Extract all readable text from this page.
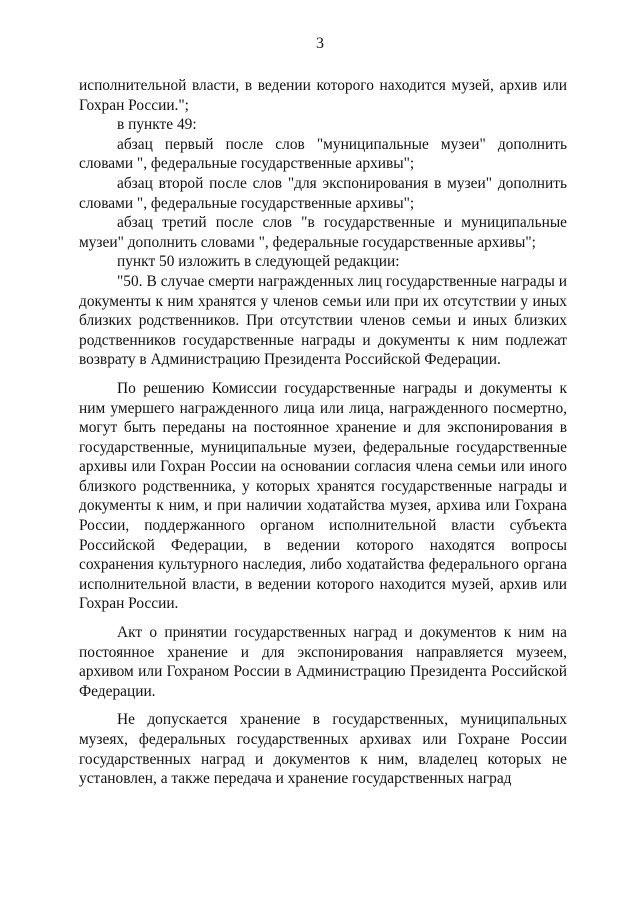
3

исполнительной власти, в ведении которого находится музей, архив или Гохран России.";

в пункте 49:

абзац первый после слов "муниципальные музеи" дополнить словами ", федеральные государственные архивы";

абзац второй после слов "для экспонирования в музеи" дополнить словами ", федеральные государственные архивы";

абзац третий после слов "в государственные и муниципальные музеи" дополнить словами ", федеральные государственные архивы";

пункт 50 изложить в следующей редакции:

"50. В случае смерти награжденных лиц государственные награды и документы к ним хранятся у членов семьи или при их отсутствии у иных близких родственников. При отсутствии членов семьи и иных близких родственников государственные награды и документы к ним подлежат возврату в Администрацию Президента Российской Федерации.

По решению Комиссии государственные награды и документы к ним умершего награжденного лица или лица, награжденного посмертно, могут быть переданы на постоянное хранение и для экспонирования в государственные, муниципальные музеи, федеральные государственные архивы или Гохран России на основании согласия члена семьи или иного близкого родственника, у которых хранятся государственные награды и документы к ним, и при наличии ходатайства музея, архива или Гохрана России, поддержанного органом исполнительной власти субъекта Российской Федерации, в ведении которого находятся вопросы сохранения культурного наследия, либо ходатайства федерального органа исполнительной власти, в ведении которого находится музей, архив или Гохран России.

Акт о принятии государственных наград и документов к ним на постоянное хранение и для экспонирования направляется музеем, архивом или Гохраном России в Администрацию Президента Российской Федерации.

Не допускается хранение в государственных, муниципальных музеях, федеральных государственных архивах или Гохране России государственных наград и документов к ним, владелец которых не установлен, а также передача и хранение государственных наград
